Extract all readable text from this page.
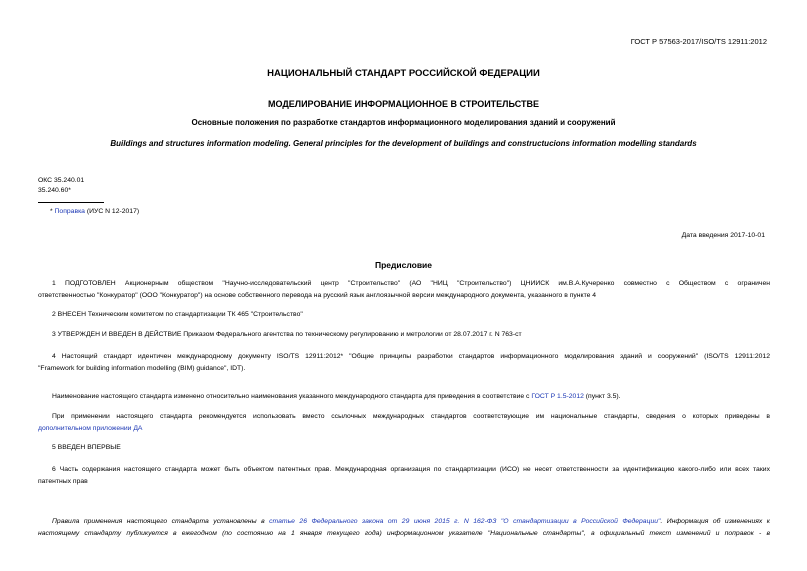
ГОСТ Р 57563-2017/ISO/TS 12911:2012
НАЦИОНАЛЬНЫЙ СТАНДАРТ РОССИЙСКОЙ ФЕДЕРАЦИИ
МОДЕЛИРОВАНИЕ ИНФОРМАЦИОННОЕ В СТРОИТЕЛЬСТВЕ
Основные положения по разработке стандартов информационного моделирования зданий и сооружений
Buildings and structures information modeling. General principles for the development of buildings and constructucions information modelling standards
ОКС 35.240.01
35.240.60*
* Поправка (ИУС N 12-2017)
Дата введения 2017-10-01
Предисловие
1 ПОДГОТОВЛЕН Акционерным обществом "Научно-исследовательский центр "Строительство" (АО "НИЦ "Строительство") ЦНИИСК им.В.А.Кучеренко совместно с Обществом с ограничен
ответственностью "Конкуратор" (ООО "Конкуратор") на основе собственного перевода на русский язык англоязычной версии международного документа, указанного в пункте 4
2 ВНЕСЕН Техническим комитетом по стандартизации ТК 465 "Строительство"
3 УТВЕРЖДЕН И ВВЕДЕН В ДЕЙСТВИЕ Приказом Федерального агентства по техническому регулированию и метрологии от 28.07.2017 г. N 763-ст
4 Настоящий стандарт идентичен международному документу ISO/TS 12911:2012* "Общие принципы разработки стандартов информационного моделирования зданий и сооружений" (ISO/TS 12911:2012
"Framework for building information modelling (BIM) guidance", IDT).
Наименование настоящего стандарта изменено относительно наименования указанного международного стандарта для приведения в соответствие с ГОСТ Р 1.5-2012 (пункт 3.5).
При применении настоящего стандарта рекомендуется использовать вместо ссылочных международных стандартов соответствующие им национальные стандарты, сведения о которых приведены в
дополнительном приложении ДА
5 ВВЕДЕН ВПЕРВЫЕ
6 Часть содержания настоящего стандарта может быть объектом патентных прав. Международная организация по стандартизации (ИСО) не несет ответственности за идентификацию какого-либо или всех таких
патентных прав
Правила применения настоящего стандарта установлены в статье 26 Федерального закона от 29 июня 2015 г. N 162-ФЗ "О стандартизации в Российской Федерации". Информация об изменениях к
настоящему стандарту публикуется в ежегодном (по состоянию на 1 января текущего года) информационном указателе "Национальные стандарты", а официальный текст изменений и поправок - в
